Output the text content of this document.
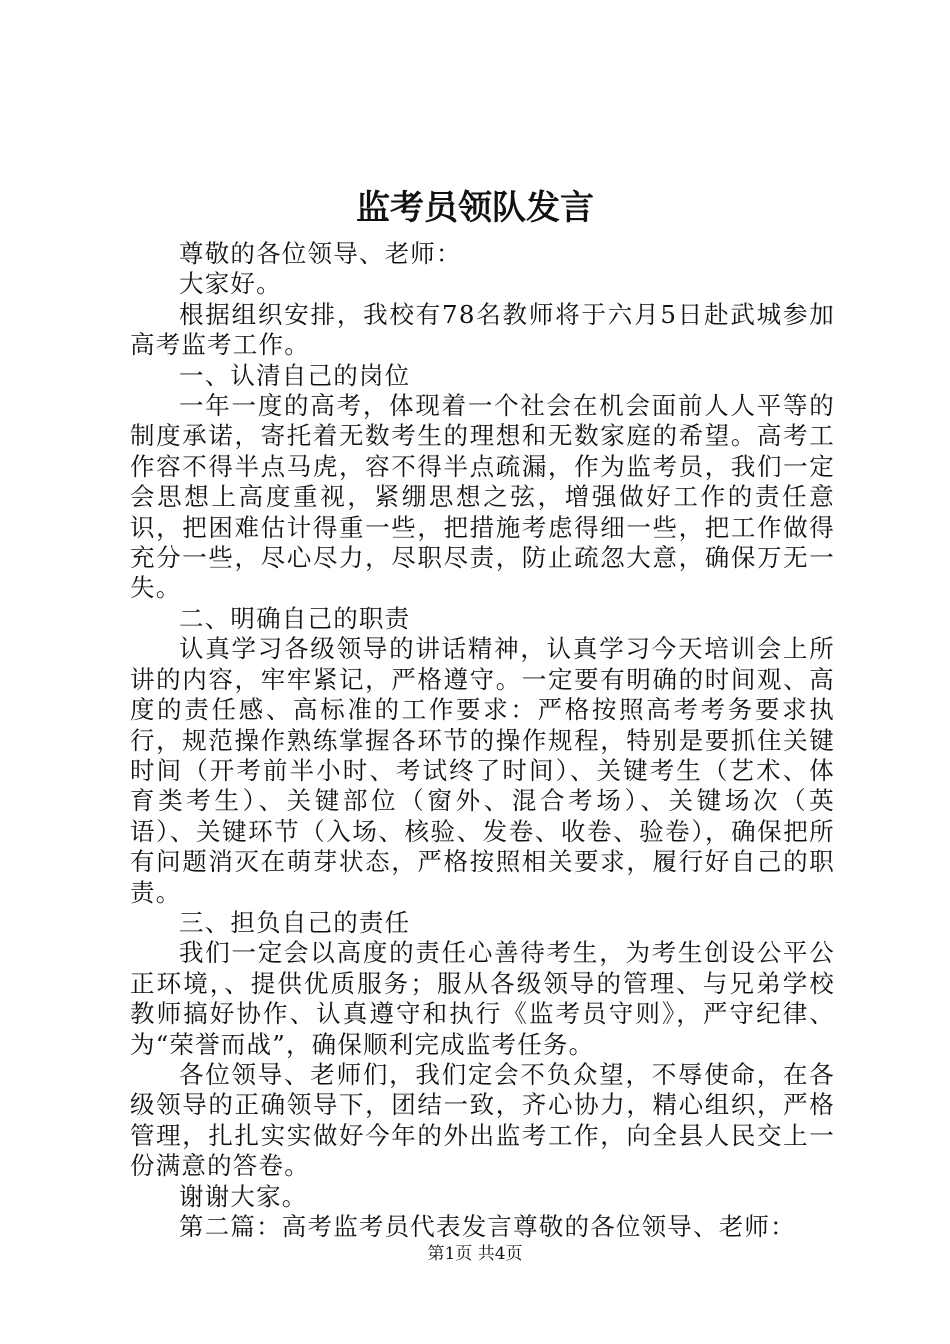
监考员领队发言

尊敬的各位领导、老师：

大家好。

根据组织安排，我校有78名教师将于六月5日赴武城参加高考监考工作。

一、认清自己的岗位

一年一度的高考，体现着一个社会在机会面前人人平等的制度承诺，寄托着无数考生的理想和无数家庭的希望。高考工作容不得半点马虎，容不得半点疏漏，作为监考员，我们一定会思想上高度重视，紧绷思想之弦，增强做好工作的责任意识，把困难估计得重一些，把措施考虑得细一些，把工作做得充分一些，尽心尽力，尽职尽责，防止疏忽大意，确保万无一失。

二、明确自己的职责

认真学习各级领导的讲话精神，认真学习今天培训会上所讲的内容，牢牢紧记，严格遵守。一定要有明确的时间观、高度的责任感、高标准的工作要求：严格按照高考考务要求执行，规范操作熟练掌握各环节的操作规程，特别是要抓住关键时间（开考前半小时、考试终了时间）、关键考生（艺术、体育类考生）、关键部位（窗外、混合考场）、关键场次（英语）、关键环节（入场、核验、发卷、收卷、验卷），确保把所有问题消灭在萌芽状态，严格按照相关要求，履行好自己的职责。

三、担负自己的责任

我们一定会以高度的责任心善待考生，为考生创设公平公正环境，、提供优质服务；服从各级领导的管理、与兄弟学校教师搞好协作、认真遵守和执行《监考员守则》，严守纪律、为“荣誉而战”，确保顺利完成监考任务。

各位领导、老师们，我们定会不负众望，不辱使命，在各级领导的正确领导下，团结一致，齐心协力，精心组织，严格管理，扎扎实实做好今年的外出监考工作，向全县人民交上一份满意的答卷。

谢谢大家。

第二篇：高考监考员代表发言尊敬的各位领导、老师：

第1页 共4页
